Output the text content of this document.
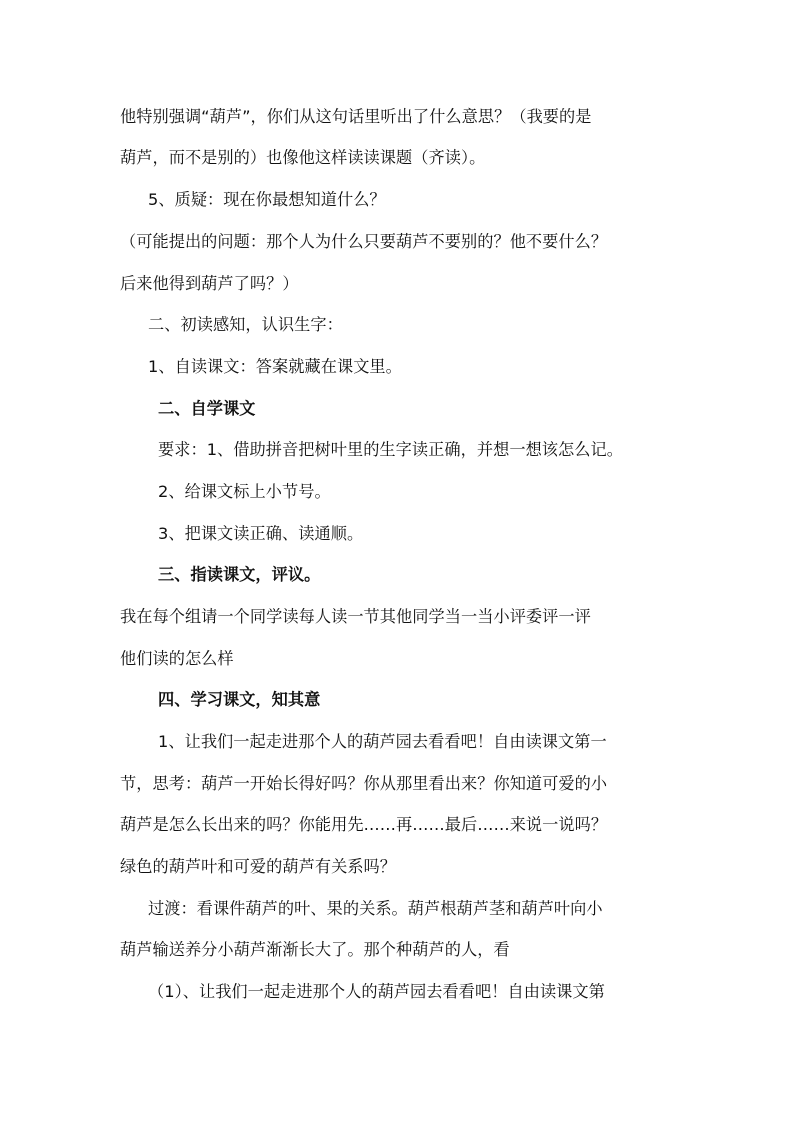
他特别强调“葫芦”，你们从这句话里听出了什么意思？（我要的是
葫芦，而不是别的）也像他这样读读课题（齐读）。
5、质疑：现在你最想知道什么？
（可能提出的问题：那个人为什么只要葫芦不要别的？他不要什么？
后来他得到葫芦了吗？）
二、初读感知，认识生字：
1、自读课文：答案就藏在课文里。
二、自学课文
要求：1、借助拼音把树叶里的生字读正确，并想一想该怎么记。
2、给课文标上小节号。
3、把课文读正确、读通顺。
三、指读课文，评议。
我在每个组请一个同学读每人读一节其他同学当一当小评委评一评
他们读的怎么样
四、学习课文，知其意
1、让我们一起走进那个人的葫芦园去看看吧！自由读课文第一
节，思考：葫芦一开始长得好吗？你从那里看出来？你知道可爱的小
葫芦是怎么长出来的吗？你能用先……再……最后……来说一说吗？
绿色的葫芦叶和可爱的葫芦有关系吗？
过渡：看课件葫芦的叶、果的关系。葫芦根葫芦茎和葫芦叶向小
葫芦输送养分小葫芦渐渐长大了。那个种葫芦的人，看
（1）、让我们一起走进那个人的葫芦园去看看吧！自由读课文第
